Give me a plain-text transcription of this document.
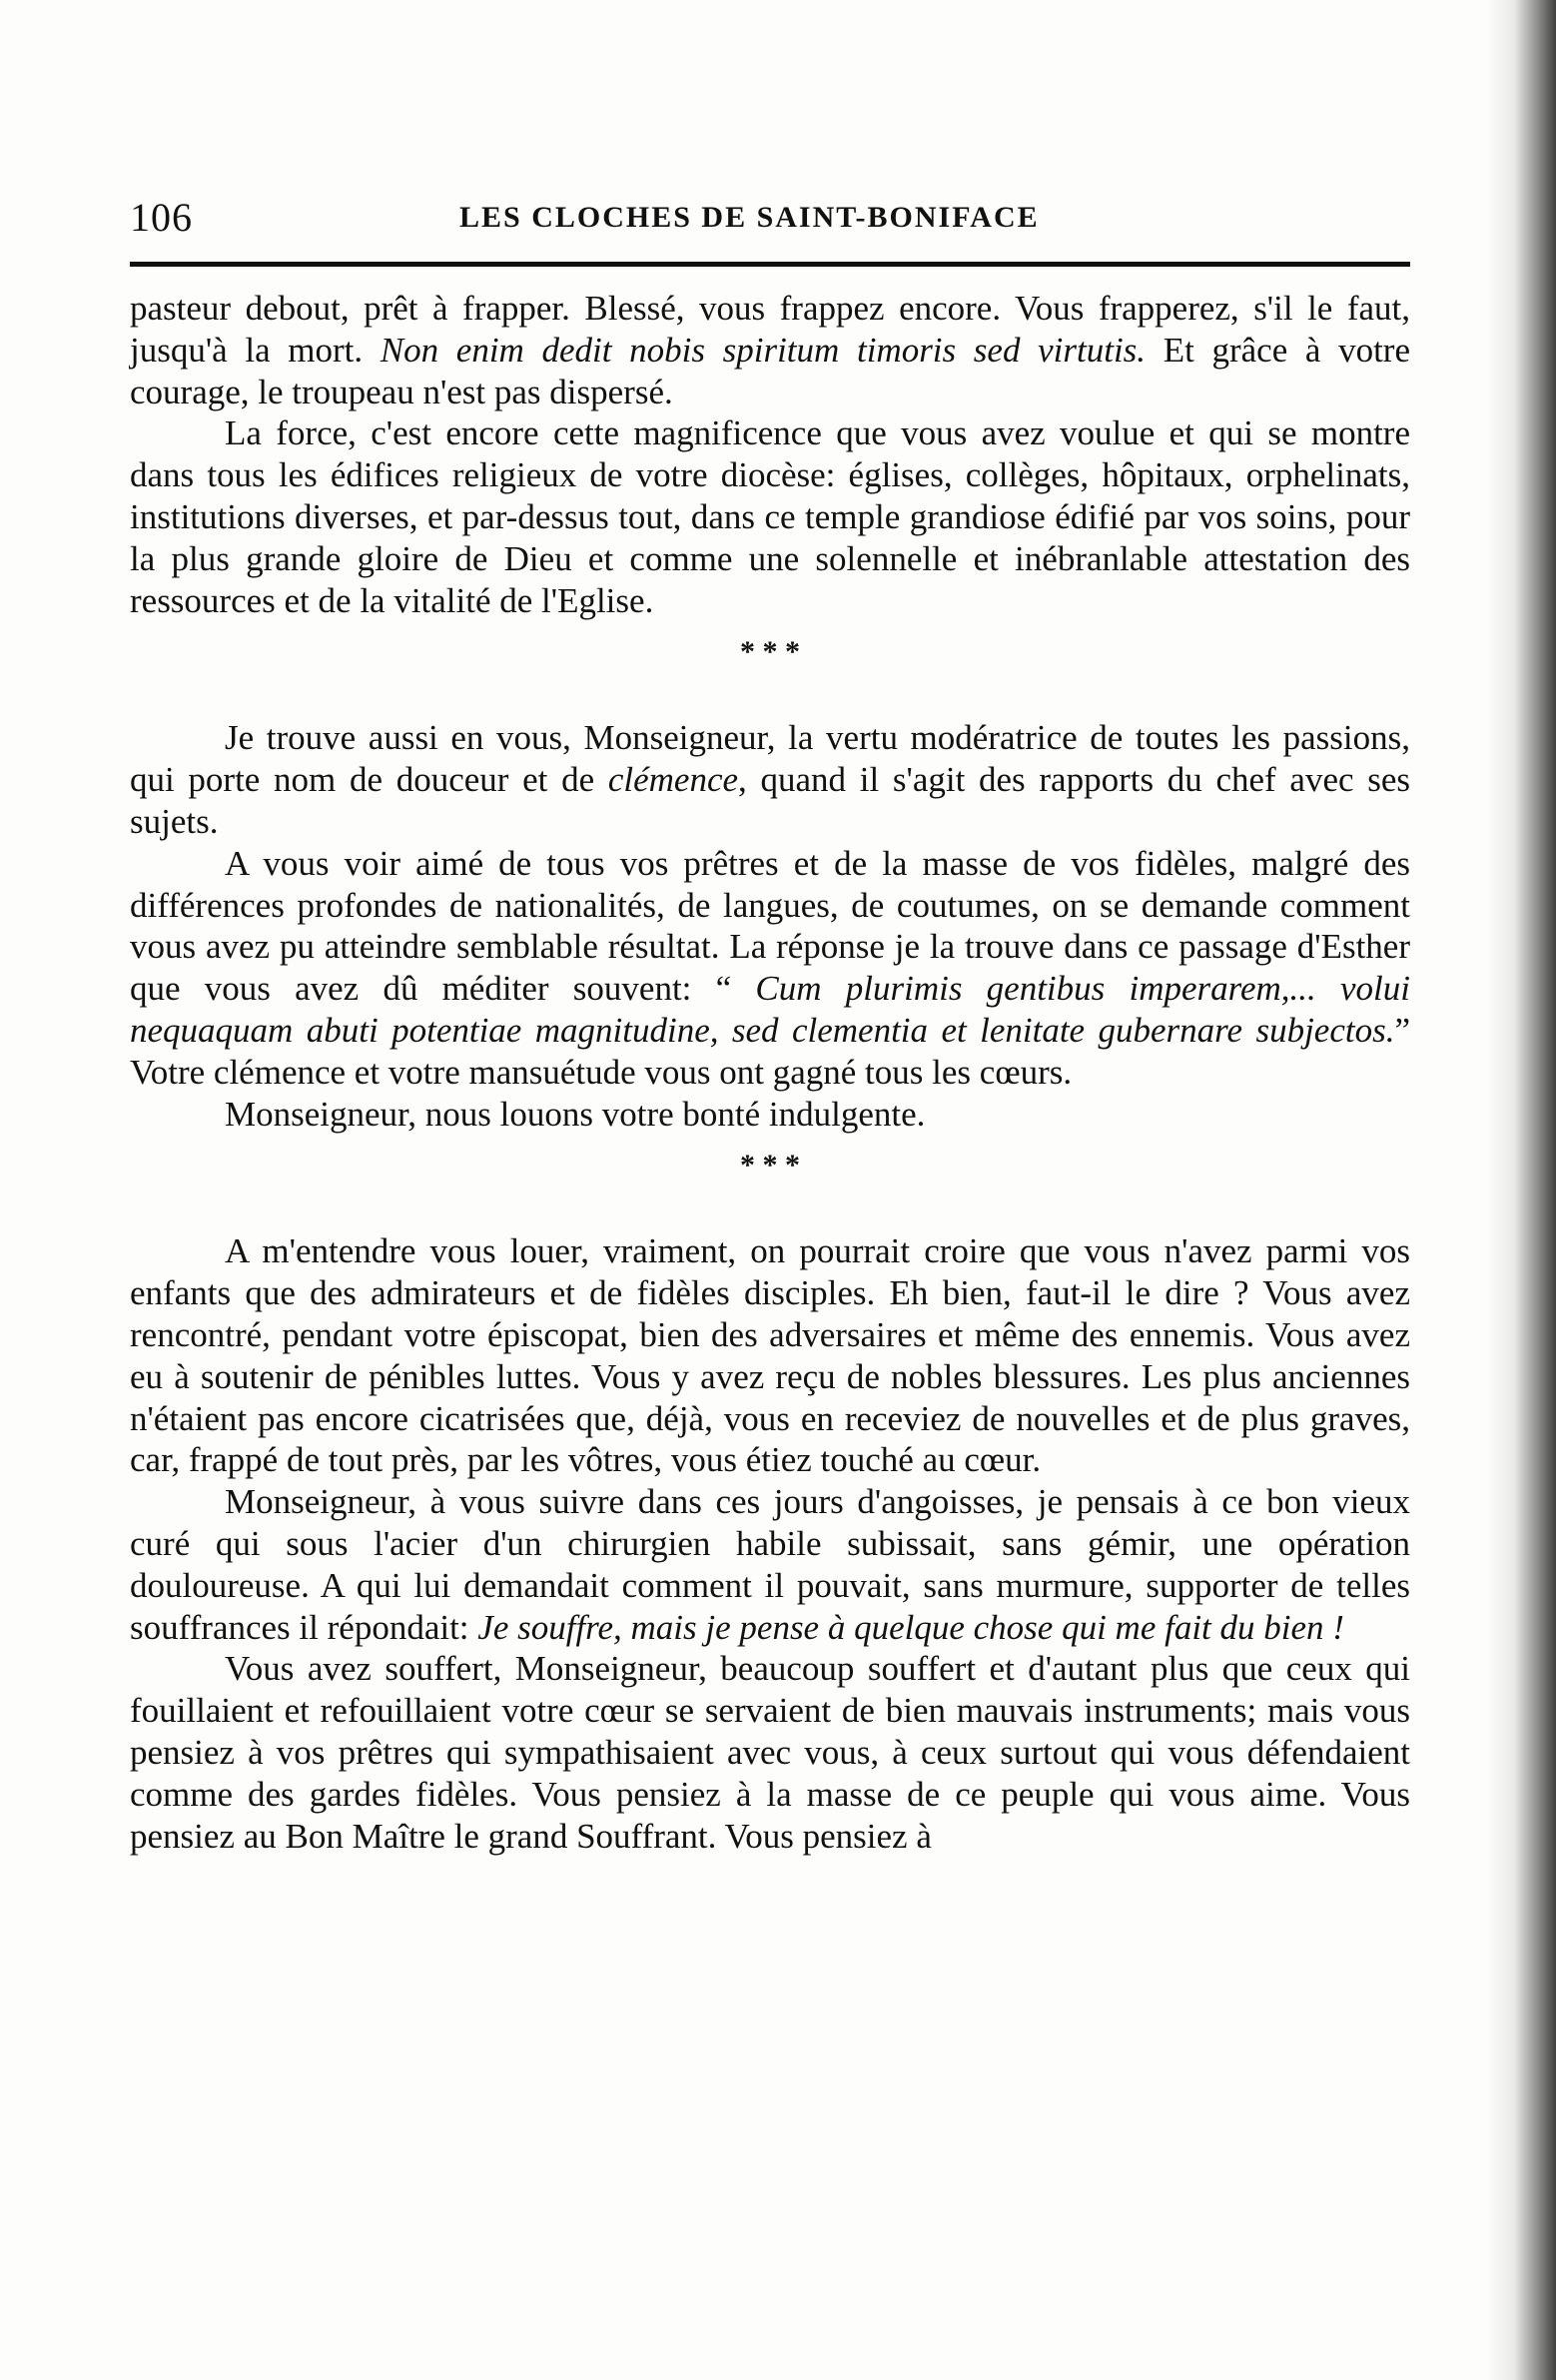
106	LES CLOCHES DE SAINT-BONIFACE

pasteur debout, prêt à frapper. Blessé, vous frappez encore. Vous frapperez, s'il le faut, jusqu'à la mort. Non enim dedit nobis spiritum timoris sed virtutis. Et grâce à votre courage, le troupeau n'est pas dispersé.

La force, c'est encore cette magnificence que vous avez voulue et qui se montre dans tous les édifices religieux de votre diocèse: églises, collèges, hôpitaux, orphelinats, institutions diverses, et par-dessus tout, dans ce temple grandiose édifié par vos soins, pour la plus grande gloire de Dieu et comme une solennelle et inébranlable attestation des ressources et de la vitalité de l'Eglise.

* * *

Je trouve aussi en vous, Monseigneur, la vertu modératrice de toutes les passions, qui porte nom de douceur et de clémence, quand il s'agit des rapports du chef avec ses sujets.

A vous voir aimé de tous vos prêtres et de la masse de vos fidèles, malgré des différences profondes de nationalités, de langues, de coutumes, on se demande comment vous avez pu atteindre semblable résultat. La réponse je la trouve dans ce passage d'Esther que vous avez dû méditer souvent: “ Cum plurimis gentibus imperarem,... volui nequaquam abuti potentiae magnitudine, sed clementia et lenitate gubernare subjectos.” Votre clémence et votre mansuétude vous ont gagné tous les cœurs.

Monseigneur, nous louons votre bonté indulgente.

* * *

A m'entendre vous louer, vraiment, on pourrait croire que vous n'avez parmi vos enfants que des admirateurs et de fidèles disciples. Eh bien, faut-il le dire ? Vous avez rencontré, pendant votre épiscopat, bien des adversaires et même des ennemis. Vous avez eu à soutenir de pénibles luttes. Vous y avez reçu de nobles blessures. Les plus anciennes n'étaient pas encore cicatrisées que, déjà, vous en receviez de nouvelles et de plus graves, car, frappé de tout près, par les vôtres, vous étiez touché au cœur.

Monseigneur, à vous suivre dans ces jours d'angoisses, je pensais à ce bon vieux curé qui sous l'acier d'un chirurgien habile subissait, sans gémir, une opération douloureuse. A qui lui demandait comment il pouvait, sans murmure, supporter de telles souffrances il répondait: Je souffre, mais je pense à quelque chose qui me fait du bien !

Vous avez souffert, Monseigneur, beaucoup souffert et d'autant plus que ceux qui fouillaient et refouillaient votre cœur se servaient de bien mauvais instruments; mais vous pensiez à vos prêtres qui sympathisaient avec vous, à ceux surtout qui vous défendaient comme des gardes fidèles. Vous pensiez à la masse de ce peuple qui vous aime. Vous pensiez au Bon Maître le grand Souffrant. Vous pensiez à
